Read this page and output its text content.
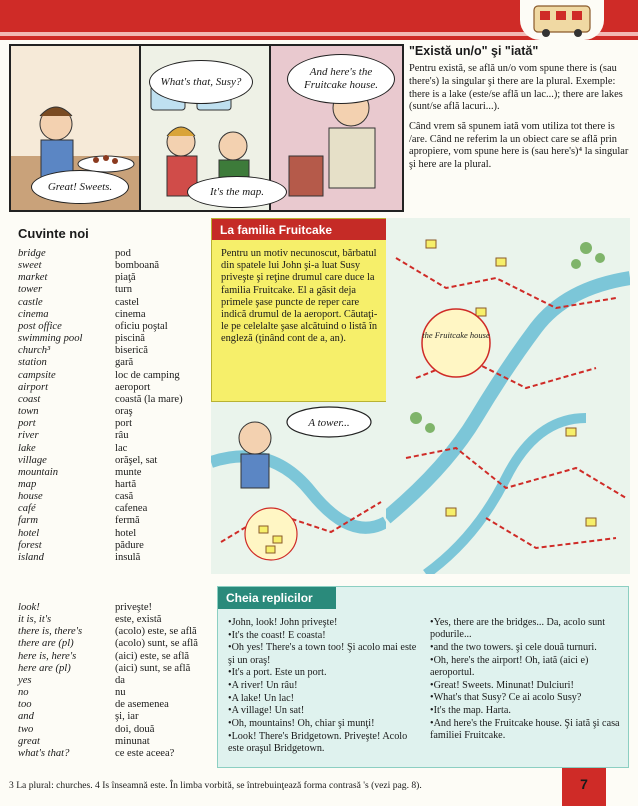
What's that, Susy?
And here's the Fruitcake house.
Great! Sweets.	It's the map.
"Există un/o" şi "iată"

Pentru există, se află un/o vom spune there is (sau there's) la singular şi there are la plural. Exemple: there is a lake (este/se află un lac...); there are lakes (sunt/se află lacuri...).

Când vrem să spunem iată vom utiliza tot there is /are. Când ne referim la un obiect care se află prin apropiere, vom spune here is (sau here's)⁴ la singular şi here are la plural.

Cuvinte noi
bridge	pod
sweet	bomboană
market	piaţă
tower	turn
castle	castel
cinema	cinema
post office	oficiu poştal
swimming pool	piscină
church³	biserică
station	gară
campsite	loc de camping
airport	aeroport
coast	coastă (la mare)
town	oraş
port	port
river	râu
lake	lac
village	orăşel, sat
mountain	munte
map	hartă
house	casă
café	cafenea
farm	fermă
hotel	hotel
forest	pădure
island	insulă
look!	priveşte!
it is, it's	este, există
there is, there's	(acolo) este, se află
there are (pl)	(acolo) sunt, se află
here is, here's	(aici) este, se află
here are (pl)	(aici) sunt, se află
yes	da
no	nu
too	de asemenea
and	şi, iar
two	doi, două
great	minunat
what's that?	ce este aceea?
La familia Fruitcake
Pentru un motiv necunoscut, bărbatul din spatele lui John şi-a luat Susy priveşte şi reţine drumul care duce la familia Fruitcake. El a găsit deja primele şase puncte de reper care indică drumul de la aeroport. Căutaţi-le pe celelalte şase alcătuind o listă în engleză (ţinând cont de a, an).	the Fruitcake house
A tower...
Cheia replicilor
•John, look! John priveşte!
•It's the coast! E coasta!
•Oh yes! There's a town too! Şi acolo mai este şi un oraş!
•It's a port. Este un port.
•A river! Un râu!
•A lake! Un lac!
•A village! Un sat!
•Oh, mountains! Oh, chiar şi munţi!
•Look! There's Bridgetown. Priveşte! Acolo este oraşul Bridgetown.
•Yes, there are the bridges... Da, acolo sunt podurile...
•and the two towers. şi cele două turnuri.
•Oh, here's the airport! Oh, iată (aici e) aeroportul.
•Great! Sweets. Minunat! Dulciuri!
•What's that Susy? Ce ai acolo Susy?
•It's the map. Harta.
•And here's the Fruitcake house. Şi iată şi casa familiei Fruitcake.
3 La plural: churches. 4 Is înseamnă este. În limba vorbită, se întrebuinţează forma contrasă 's (vezi pag. 8).	7
